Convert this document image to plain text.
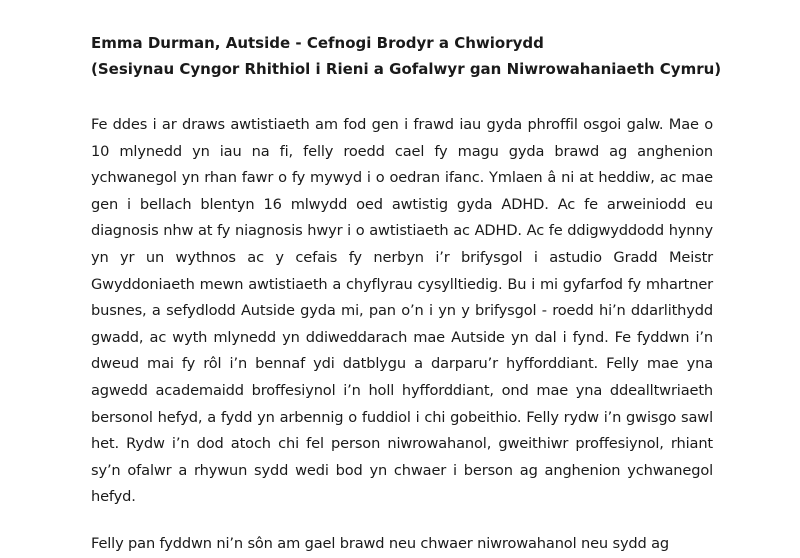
Emma Durman, Autside - Cefnogi Brodyr a Chwiorydd

(Sesiynau Cyngor Rhithiol i Rieni a Gofalwyr gan Niwrowahaniaeth Cymru)

Fe ddes i ar draws awtistiaeth am fod gen i frawd iau gyda phroffil osgoi galw. Mae o 10 mlynedd yn iau na fi, felly roedd cael fy magu gyda brawd ag anghenion ychwanegol yn rhan fawr o fy mywyd i o oedran ifanc. Ymlaen â ni at heddiw, ac mae gen i bellach blentyn 16 mlwydd oed awtistig gyda ADHD. Ac fe arweiniodd eu diagnosis nhw at fy niagnosis hwyr i o awtistiaeth ac ADHD. Ac fe ddigwyddodd hynny yn yr un wythnos ac y cefais fy nerbyn i’r brifysgol i astudio Gradd Meistr Gwyddoniaeth mewn awtistiaeth a chyflyrau cysylltiedig. Bu i mi gyfarfod fy mhartner busnes, a sefydlodd Autside gyda mi, pan o’n i yn y brifysgol - roedd hi’n ddarlithydd gwadd, ac wyth mlynedd yn ddiweddarach mae Autside yn dal i fynd. Fe fyddwn i’n dweud mai fy rôl i’n bennaf ydi datblygu a darparu’r hyfforddiant. Felly mae yna agwedd academaidd broffesiynol i’n holl hyfforddiant, ond mae yna ddealltwriaeth bersonol hefyd, a fydd yn arbennig o fuddiol i chi gobeithio. Felly rydw i’n gwisgo sawl het. Rydw i’n dod atoch chi fel person niwrowahanol, gweithiwr proffesiynol, rhiant sy’n ofalwr a rhywun sydd wedi bod yn chwaer i berson ag anghenion ychwanegol hefyd.

Felly pan fyddwn ni’n sôn am gael brawd neu chwaer niwrowahanol neu sydd ag
